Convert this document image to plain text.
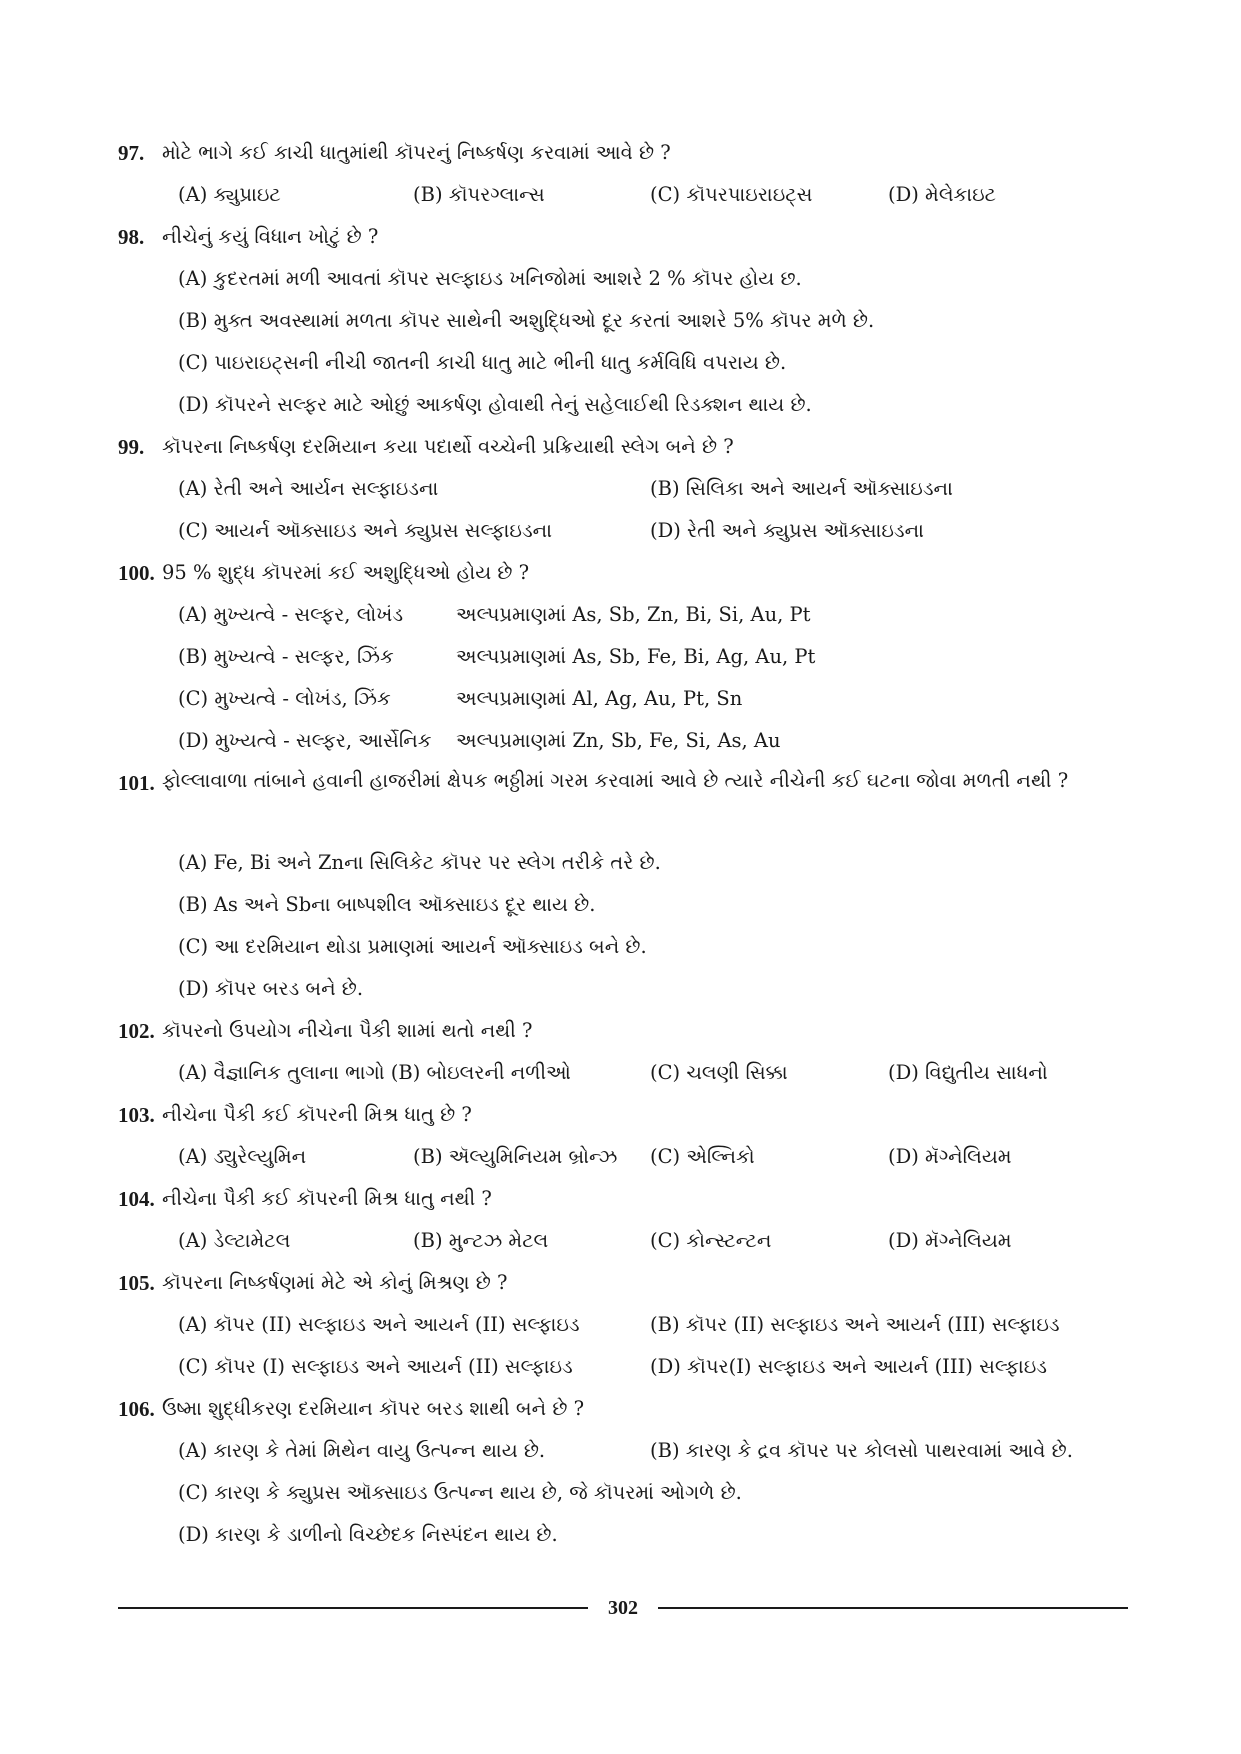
97. મોટે ભાગે કઈ કાચી ધાતુમાંથી કૉપરનું નિષ્કર્ષણ કરવામાં આવે છે ?
(A) ક્યુપ્રાઇટ	(B) કૉપરગ્લાન્સ	(C) કૉપરપાઇરાઇટ્સ	(D) મેલેકાઇટ
98. નીચેનું કયું વિધાન ખોટું છે ?
(A) કુદરતમાં મળી આવતાં કૉપર સલ્ફાઇડ ખનિજોમાં આશરે 2 % કૉપર હોય છ.
(B) મુક્ત અવસ્થામાં મળતા કૉપર સાથેની અશુદ્ધિઓ દૂર કરતાં આશરે 5% કૉપર મળે છે.
(C) પાઇરાઇટ્સની નીચી જાતની કાચી ધાતુ માટે ભીની ધાતુ કર્મવિધિ વપરાય છે.
(D) કૉપરને સલ્ફર માટે ઓછું આકર્ષણ હોવાથી તેનું સહેલાઈથી રિડક્શન થાય છે.
99. કૉપરના નિષ્કર્ષણ દરમિયાન કયા પદાર્થો વચ્ચેની પ્રક્રિયાથી સ્લેગ બને છે ?
(A) રેતી અને આર્યન સલ્ફાઇડના	(B) સિલિકા અને આયર્ન ઑક્સાઇડના
(C) આયર્ન ઑક્સાઇડ અને ક્યુપ્રસ સલ્ફાઇડના	(D) રેતી અને ક્યુપ્રસ ઑક્સાઇડના
100. 95 % શુદ્ધ કૉપરમાં કઈ અશુદ્ધિઓ હોય છે ?
(A) મુખ્યત્વે - સલ્ફર, લોખંડ	અલ્પપ્રમાણમાં As, Sb, Zn, Bi, Si, Au, Pt
(B) મુખ્યત્વે - સલ્ફર, ઝિંક	અલ્પપ્રમાણમાં As, Sb, Fe, Bi, Ag, Au, Pt
(C) મુખ્યત્વે - લોખંડ, ઝિંક	અલ્પપ્રમાણમાં Al, Ag, Au, Pt, Sn
(D) મુખ્યત્વે - સલ્ફર, આર્સેનિક અલ્પપ્રમાણમાં Zn, Sb, Fe, Si, As, Au
101. ફોલ્લાવાળા તાંબાને હવાની હાજરીમાં ક્ષેપક ભઠ્ઠીમાં ગરમ કરવામાં આવે છે ત્યારે નીચેની કઈ ઘટના જોવા મળતી નથી ?
(A) Fe, Bi અને Znના સિલિકેટ કૉપર પર સ્લેગ તરીકે તરે છે.
(B) As અને Sbના બાષ્પશીલ ઑક્સાઇડ દૂર થાય છે.
(C) આ દરમિયાન થોડા પ્રમાણમાં આયર્ન ઑક્સાઇડ બને છે.
(D) કૉપર બરડ બને છે.
102. કૉપરનો ઉપયોગ નીચેના પૈકી શામાં થતો નથી ?
(A) વૈજ્ઞાનિક તુલાના ભાગો (B) બોઇલરની નળીઓ	(C) ચલણી સિક્કા	(D) વિદ્યુતીય સાધનો
103. નીચેના પૈકી કઈ કૉપરની મિશ્ર ધાતુ છે ?
(A) ડ્યુરેલ્યુમિન	(B) ઍલ્યુમિનિયમ બ્રોન્ઝ (C) એલ્નિકો	(D) મૅગ્નેલિયમ
104. નીચેના પૈકી કઈ કૉપરની મિશ્ર ધાતુ નથી ?
(A) ડેલ્ટામેટલ	(B) મુન્ટઝ મેટલ	(C) કોન્સ્ટન્ટન	(D) મૅગ્નેલિયમ
105. કૉપરના નિષ્કર્ષણમાં મેટે એ કોનું મિશ્રણ છે ?
(A) કૉપર (II) સલ્ફાઇડ અને આયર્ન (II) સલ્ફાઇડ	(B) કૉપર (II) સલ્ફાઇડ અને આયર્ન (III) સલ્ફાઇડ
(C) કૉપર (I) સલ્ફાઇડ અને આયર્ન (II) સલ્ફાઇડ	(D) કૉપર(I) સલ્ફાઇડ અને આયર્ન (III) સલ્ફાઇડ
106. ઉષ્મા શુદ્ધીકરણ દરમિયાન કૉપર બરડ શાથી બને છે ?
(A) કારણ કે તેમાં મિથેન વાયુ ઉત્પન્ન થાય છે.	(B) કારણ કે દ્રવ કૉપર પર કોલસો પાથરવામાં આવે છે.
(C) કારણ કે ક્યુપ્રસ ઑક્સાઇડ ઉત્પન્ન થાય છે, જે કૉપરમાં ઓગળે છે.
(D) કારણ કે ડાળીનો વિચ્છેદક નિસ્પંદન થાય છે.
302
